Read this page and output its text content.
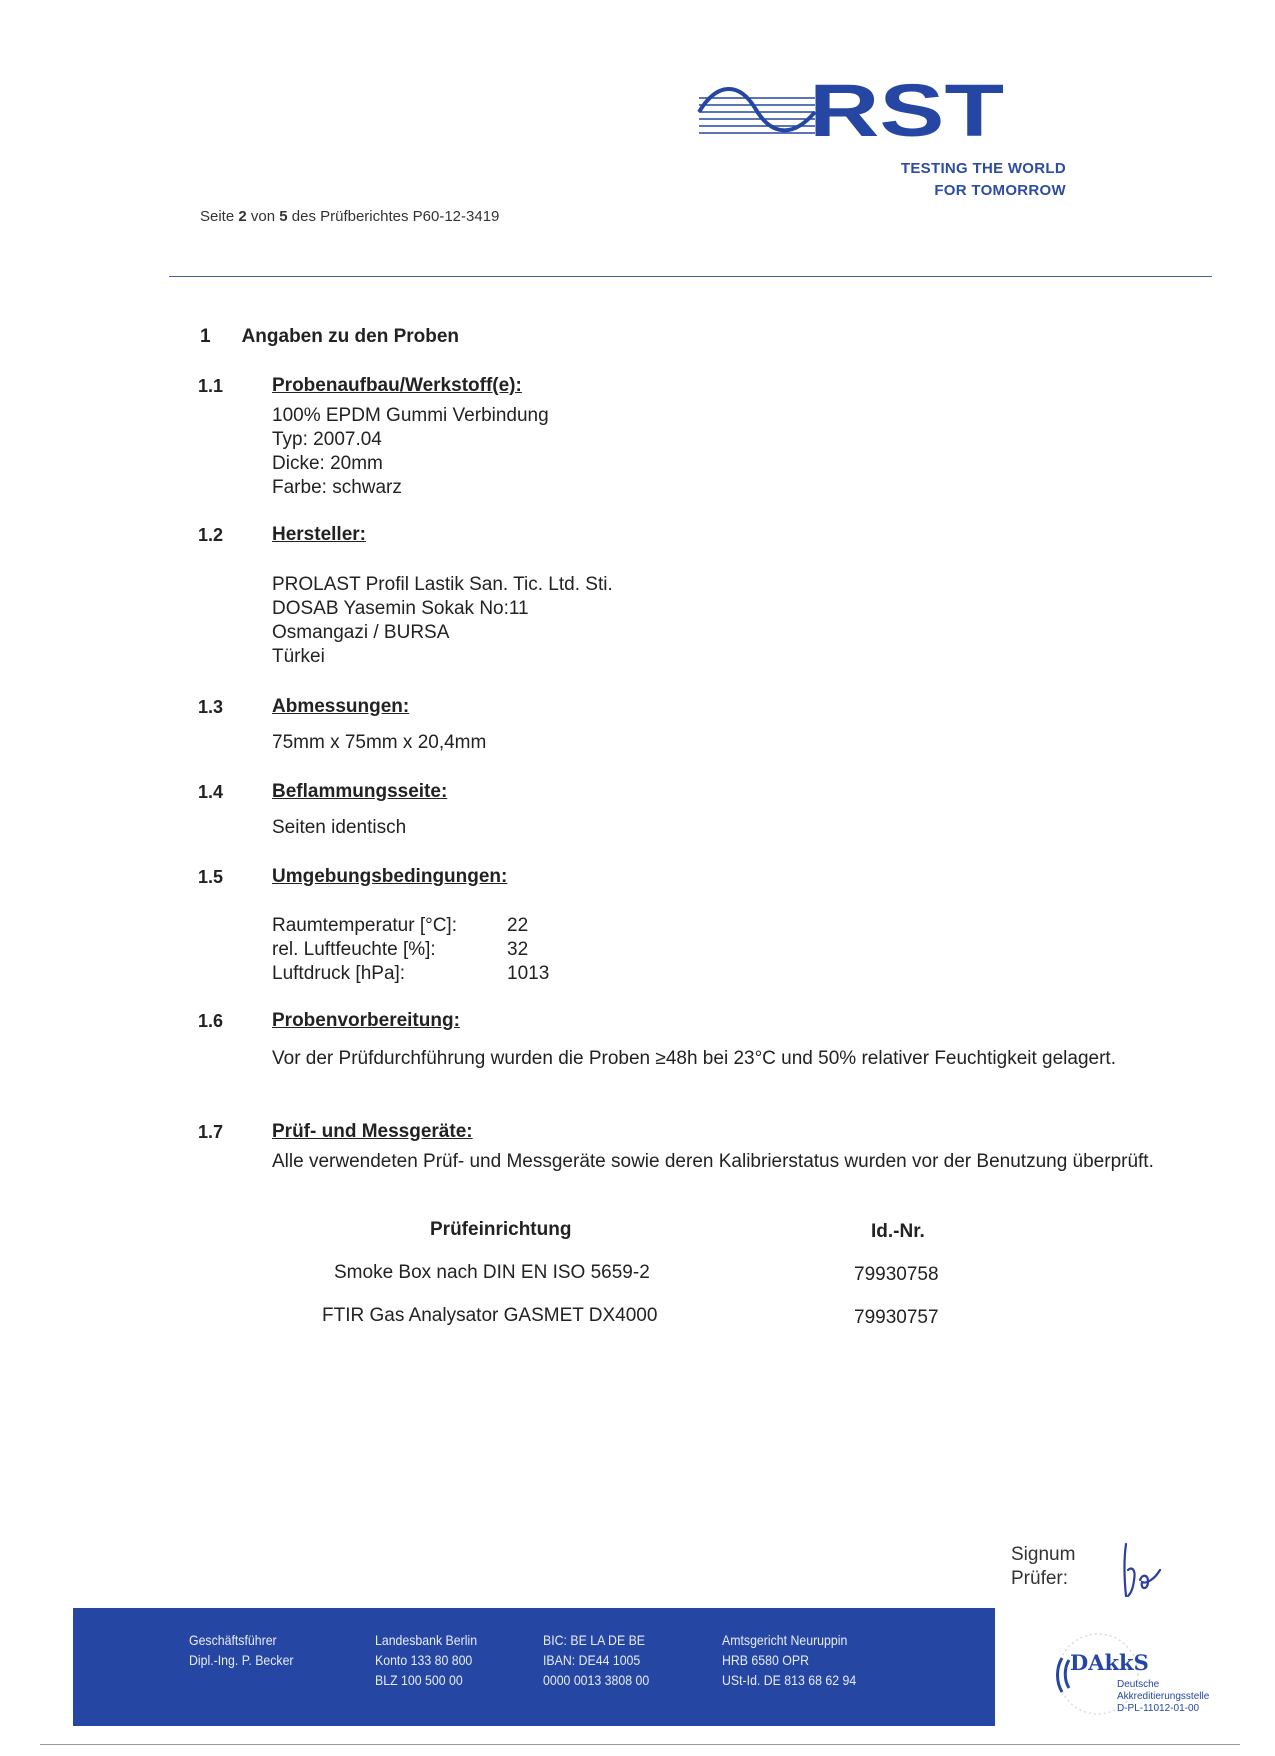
RST
TESTING THE WORLD
FOR TOMORROW
Seite 2 von 5 des Prüfberichtes P60-12-3419
1 Angaben zu den Proben
1.1	Probenaufbau/Werkstoff(e):
100% EPDM Gummi Verbindung
Typ: 2007.04
Dicke: 20mm
Farbe: schwarz
1.2	Hersteller:
PROLAST Profil Lastik San. Tic. Ltd. Sti.
DOSAB Yasemin Sokak No:11
Osmangazi / BURSA
Türkei
1.3	Abmessungen:
75mm x 75mm x 20,4mm
1.4	Beflammungsseite:
Seiten identisch
1.5	Umgebungsbedingungen:
Raumtemperatur [°C]:	22
rel. Luftfeuchte [%]:	32
Luftdruck [hPa]:	1013
1.6	Probenvorbereitung:
Vor der Prüfdurchführung wurden die Proben ≥48h bei 23°C und 50% relativer Feuchtigkeit gelagert.
1.7	Prüf- und Messgeräte:
Alle verwendeten Prüf- und Messgeräte sowie deren Kalibrierstatus wurden vor der Benutzung überprüft.
Prüfeinrichtung	Id.-Nr.
Smoke Box nach DIN EN ISO 5659-2	79930758
FTIR Gas Analysator GASMET DX4000	79930757
Signum
Prüfer:
Geschäftsführer
Dipl.-Ing. P. Becker
Landesbank Berlin
Konto 133 80 800
BLZ 100 500 00
BIC: BE LA DE BE
IBAN: DE44 1005
0000 0013 3808 00
Amtsgericht Neuruppin
HRB 6580 OPR
USt-Id. DE 813 68 62 94
DAkkS
Deutsche
Akkreditierungsstelle
D-PL-11012-01-00
